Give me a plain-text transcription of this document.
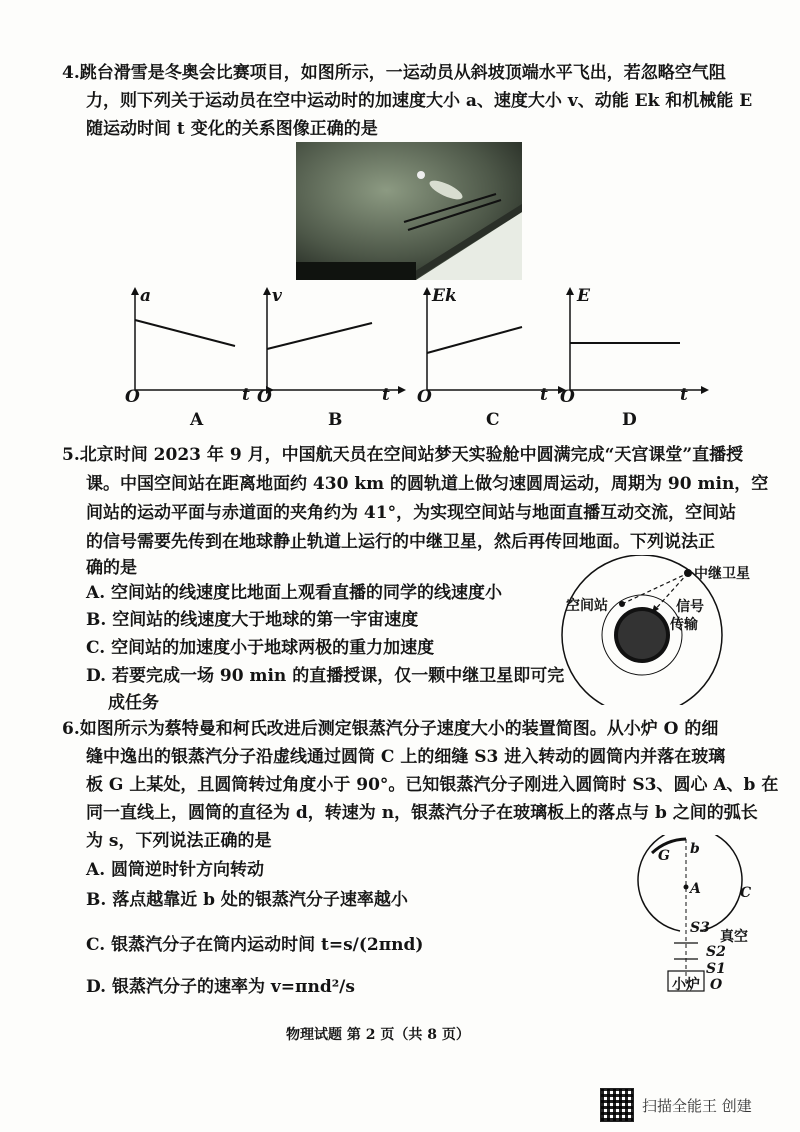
4.跳台滑雪是冬奥会比赛项目，如图所示，一运动员从斜坡顶端水平飞出，若忽略空气阻
力，则下列关于运动员在空中运动时的加速度大小 a、速度大小 v、动能 Ek 和机械能 E
随运动时间 t 变化的关系图像正确的是
a
O	t
A
v
O	t
B
Ek
O	t
C
E
O	t
D
5.北京时间 2023 年 9 月，中国航天员在空间站梦天实验舱中圆满完成“天宫课堂”直播授
课。中国空间站在距离地面约 430 km 的圆轨道上做匀速圆周运动，周期为 90 min，空
间站的运动平面与赤道面的夹角约为 41°，为实现空间站与地面直播互动交流，空间站
的信号需要先传到在地球静止轨道上运行的中继卫星，然后再传回地面。下列说法正
确的是
A. 空间站的线速度比地面上观看直播的同学的线速度小
B. 空间站的线速度大于地球的第一宇宙速度
C. 空间站的加速度小于地球两极的重力加速度
D. 若要完成一场 90 min 的直播授课，仅一颗中继卫星即可完
成任务
中继卫星
空间站	信号
传输
6.如图所示为蔡特曼和柯氏改进后测定银蒸汽分子速度大小的装置简图。从小炉 O 的细
缝中逸出的银蒸汽分子沿虚线通过圆筒 C 上的细缝 S3 进入转动的圆筒内并落在玻璃
板 G 上某处，且圆筒转过角度小于 90°。已知银蒸汽分子刚进入圆筒时 S3、圆心 A、b 在
同一直线上，圆筒的直径为 d，转速为 n，银蒸汽分子在玻璃板上的落点与 b 之间的弧长
为 s，下列说法正确的是
A. 圆筒逆时针方向转动
B. 落点越靠近 b 处的银蒸汽分子速率越小
C. 银蒸汽分子在筒内运动时间 t=s/(2πnd)
D. 银蒸汽分子的速率为 v=πnd²/s
G b
A	C
S3
真空
S2
S1
小炉 O
物理试题 第 2 页（共 8 页）
扫描全能王 创建
